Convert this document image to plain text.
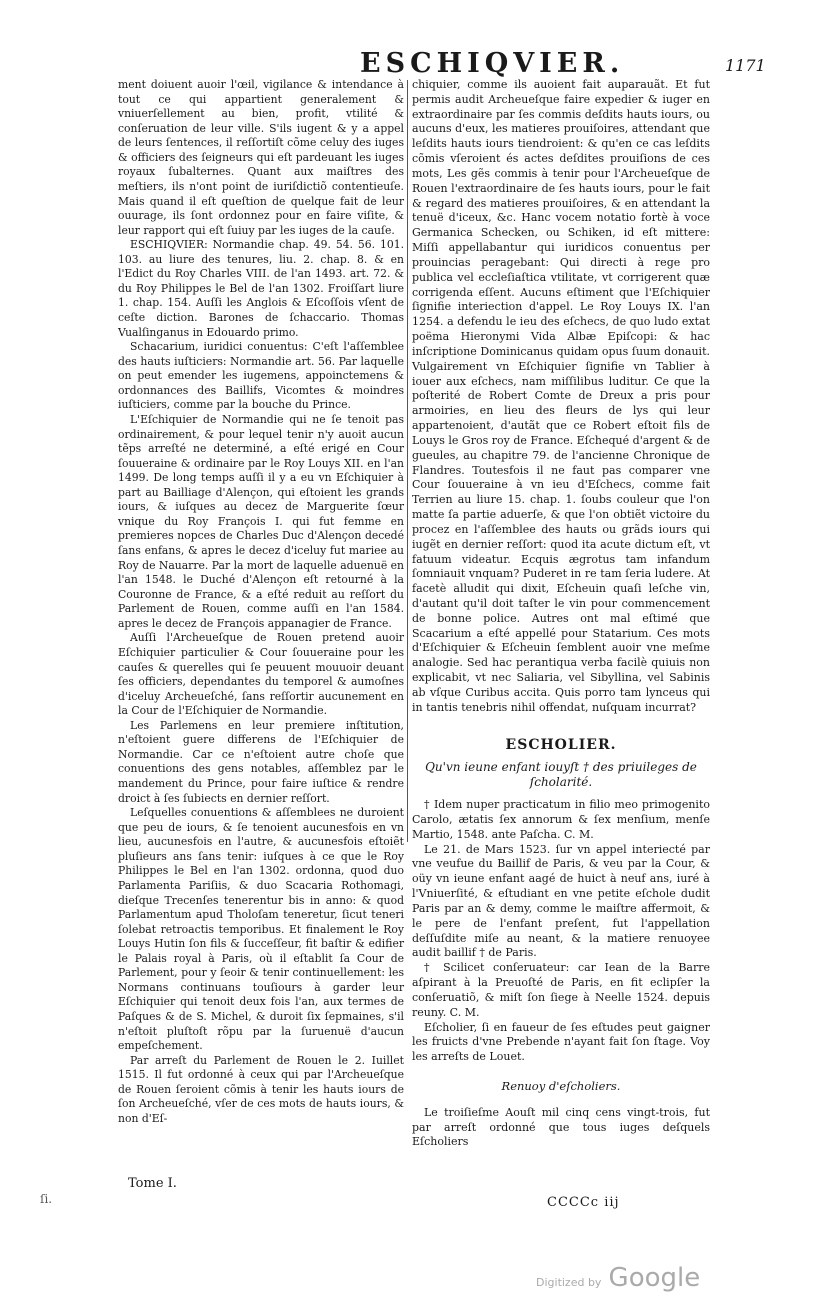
ESCHIQVIER.	1171

ment doiuent auoir l'œil, vigilance & intendance à tout ce qui appartient generalement & vniuerſellement au bien, profit, vtilité & conſeruation de leur ville. S'ils iugent & y a appel de leurs ſentences, il reſſortiſt cõme celuy des iuges & officiers des ſeigneurs qui eſt pardeuant les iuges royaux ſubalternes. Quant aux maiſtres des meſtiers, ils n'ont point de iuriſdictiõ contentieuſe. Mais quand il eſt queſtion de quelque fait de leur ouurage, ils ſont ordonnez pour en faire viſite, & leur rapport qui eſt ſuiuy par les iuges de la cauſe.

ESCHIQVIER: Normandie chap. 49. 54. 56. 101. 103. au liure des tenures, liu. 2. chap. 8. & en l'Edict du Roy Charles VIII. de l'an 1493. art. 72. & du Roy Philippes le Bel de l'an 1302. Froiſſart liure 1. chap. 154. Auſſi les Anglois & Eſcoſſois vſent de ceſte diction. Barones de ſchaccario. Thomas Vualſinganus in Edouardo primo.

Schacarium, iuridici conuentus: C'eſt l'aſſemblee des hauts iuſticiers: Normandie art. 56. Par laquelle on peut emender les iugemens, appoinctemens & ordonnances des Baillifs, Vicomtes & moindres iuſticiers, comme par la bouche du Prince.

L'Eſchiquier de Normandie qui ne ſe tenoit pas ordinairement, & pour lequel tenir n'y auoit aucun tẽps arreſté ne determiné, a eſté erigé en Cour ſouueraine & ordinaire par le Roy Louys XII. en l'an 1499. De long temps auſſi il y a eu vn Eſchiquier à part au Bailliage d'Alençon, qui eſtoient les grands iours, & iuſques au decez de Marguerite ſœur vnique du Roy François I. qui fut femme en premieres nopces de Charles Duc d'Alençon decedé ſans enfans, & apres le decez d'iceluy fut mariee au Roy de Nauarre. Par la mort de laquelle aduenuë en l'an 1548. le Duché d'Alençon eſt retourné à la Couronne de France, & a eſté reduit au reſſort du Parlement de Rouen, comme auſſi en l'an 1584. apres le decez de François appanagier de France.

Auſſi l'Archeueſque de Rouen pretend auoir Eſchiquier particulier & Cour ſouueraine pour les cauſes & querelles qui ſe peuuent mouuoir deuant ſes officiers, dependantes du temporel & aumoſnes d'iceluy Archeueſché, ſans reſſortir aucunement en la Cour de l'Eſchiquier de Normandie.

Les Parlemens en leur premiere inſtitution, n'eſtoient guere differens de l'Eſchiquier de Normandie. Car ce n'eſtoient autre choſe que conuentions des gens notables, aſſemblez par le mandement du Prince, pour faire iuſtice & rendre droict à ſes ſubiects en dernier reſſort.

Leſquelles conuentions & aſſemblees ne duroient que peu de iours, & ſe tenoient aucunesfois en vn lieu, aucunesfois en l'autre, & aucunesfois eſtoiẽt pluſieurs ans ſans tenir: iuſques à ce que le Roy Philippes le Bel en l'an 1302. ordonna, quod duo Parlamenta Pariſiis, & duo Scacaria Rothomagi, dieſque Trecenſes tenerentur bis in anno: & quod Parlamentum apud Tholoſam teneretur, ſicut teneri ſolebat retroactis temporibus. Et finalement le Roy Louys Hutin ſon fils & ſucceſſeur, fit baſtir & edifier le Palais royal à Paris, où il eſtablit ſa Cour de Parlement, pour y ſeoir & tenir continuellement: les Normans continuans touſiours à garder leur Eſchiquier qui tenoit deux fois l'an, aux termes de Paſques & de S. Michel, & duroit ſix ſepmaines, s'il n'eſtoit pluſtoſt rõpu par la ſuruenuë d'aucun empeſchement.

Par arreſt du Parlement de Rouen le 2. Iuillet 1515. Il fut ordonné à ceux qui par l'Archeueſque de Rouen ſeroient cõmis à tenir les hauts iours de ſon Archeueſché, vſer de ces mots de hauts iours, & non d'Eſ-

chiquier, comme ils auoient fait auparauãt. Et fut permis audit Archeueſque faire expedier & iuger en extraordinaire par ſes commis deſdits hauts iours, ou aucuns d'eux, les matieres prouiſoires, attendant que leſdits hauts iours tiendroient: & qu'en ce cas leſdits cõmis vſeroient és actes deſdites prouiſions de ces mots, Les gẽs commis à tenir pour l'Archeueſque de Rouen l'extraordinaire de ſes hauts iours, pour le fait & regard des matieres prouiſoires, & en attendant la tenuë d'iceux, &c. Hanc vocem notatio fortè à voce Germanica Schecken, ou Schiken, id eſt mittere: Miſſi appellabantur qui iuridicos conuentus per prouincias peragebant: Qui directi à rege pro publica vel eccleſiaſtica vtilitate, vt corrigerent quæ corrigenda eſſent. Aucuns eſtiment que l'Eſchiquier ſignifie interiection d'appel. Le Roy Louys IX. l'an 1254. a defendu le ieu des eſchecs, de quo ludo extat poëma Hieronymi Vida Albæ Epiſcopi: & hac inſcriptione Dominicanus quidam opus ſuum donauit. Vulgairement vn Eſchiquier ſignifie vn Tablier à iouer aux eſchecs, nam miſſilibus luditur. Ce que la poſterité de Robert Comte de Dreux a pris pour armoiries, en lieu des fleurs de lys qui leur appartenoient, d'autãt que ce Robert eſtoit fils de Louys le Gros roy de France. Eſchequé d'argent & de gueules, au chapitre 79. de l'ancienne Chronique de Flandres. Toutesfois il ne faut pas comparer vne Cour ſouueraine à vn ieu d'Eſchecs, comme fait Terrien au liure 15. chap. 1. ſoubs couleur que l'on matte ſa partie aduerſe, & que l'on obtiẽt victoire du procez en l'aſſemblee des hauts ou grãds iours qui iugẽt en dernier reſſort: quod ita acute dictum eſt, vt fatuum videatur. Ecquis ægrotus tam infandum ſomniauit vnquam? Puderet in re tam ſeria ludere. At facetè alludit qui dixit, Eſcheuin quaſi leſche vin, d'autant qu'il doit taſter le vin pour commencement de bonne police. Autres ont mal eſtimé que Scacarium a eſté appellé pour Statarium. Ces mots d'Eſchiquier & Eſcheuin ſemblent auoir vne meſme analogie. Sed hac perantiqua verba facilè quiuis non explicabit, vt nec Saliaria, vel Sibyllina, vel Sabinis ab vſque Curibus accita. Quis porro tam lynceus qui in tantis tenebris nihil offendat, nuſquam incurrat?

ESCHOLIER.

Qu'vn ieune enfant iouyſt † des priuileges de ſcholarité.

† Idem nuper practicatum in filio meo primogenito Carolo, ætatis ſex annorum & ſex menſium, menſe Martio, 1548. ante Paſcha. C. M.

Le 21. de Mars 1523. ſur vn appel interiecté par vne veufue du Baillif de Paris, & veu par la Cour, & oüy vn ieune enfant aagé de huict à neuf ans, iuré à l'Vniuerſité, & eſtudiant en vne petite eſchole dudit Paris par an & demy, comme le maiſtre affermoit, & le pere de l'enfant preſent, fut l'appellation deſſuſdite miſe au neant, & la matiere renuoyee audit baillif † de Paris.

† Scilicet conſeruateur: car Iean de la Barre aſpirant à la Preuoſté de Paris, en fit eclipſer la conſeruatiõ, & miſt ſon ſiege à Neelle 1524. depuis reuny. C. M.

Eſcholier, ſi en faueur de ſes eſtudes peut gaigner les fruicts d'vne Prebende n'ayant fait ſon ſtage. Voy les arreſts de Louet.

Renuoy d'eſcholiers.

Le troiſieſme Aouſt mil cinq cens vingt-trois, fut par arreſt ordonné que tous iuges deſquels Eſcholiers

Tome I.
CCCCc iij
ſi.
Digitized by Google
